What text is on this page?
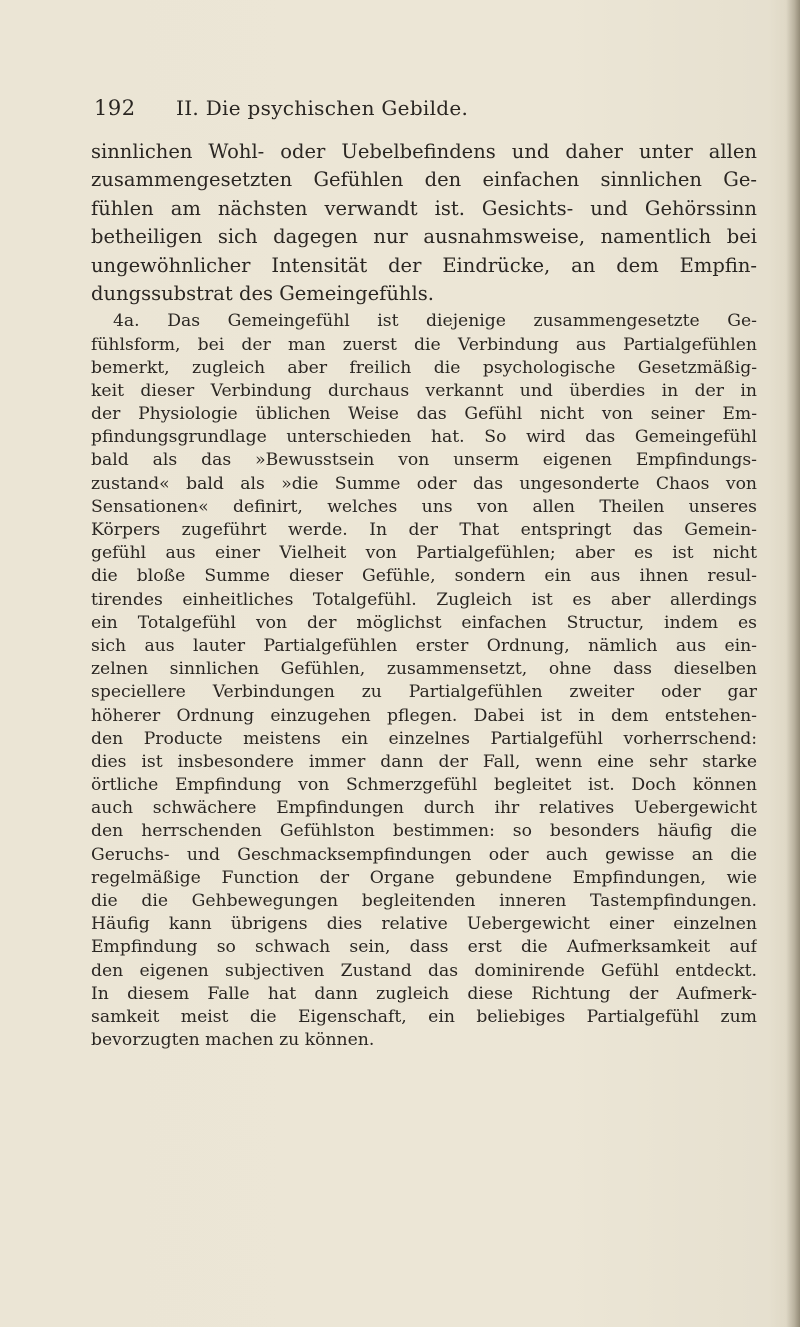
192 II. Die psychischen Gebilde.
sinnlichen Wohl- oder Uebelbefindens und daher unter allen
zusammengesetzten Gefühlen den einfachen sinnlichen Ge-
fühlen am nächsten verwandt ist. Gesichts- und Gehörssinn
betheiligen sich dagegen nur ausnahmsweise, namentlich bei
ungewöhnlicher Intensität der Eindrücke, an dem Empfin-
dungssubstrat des Gemeingefühls.
4a. Das Gemeingefühl ist diejenige zusammengesetzte Ge-
fühlsform, bei der man zuerst die Verbindung aus Partialgefühlen
bemerkt, zugleich aber freilich die psychologische Gesetzmäßig-
keit dieser Verbindung durchaus verkannt und überdies in der in
der Physiologie üblichen Weise das Gefühl nicht von seiner Em-
pfindungsgrundlage unterschieden hat. So wird das Gemeingefühl
bald als das »Bewusstsein von unserm eigenen Empfindungs-
zustand« bald als »die Summe oder das ungesonderte Chaos von
Sensationen« definirt, welches uns von allen Theilen unseres
Körpers zugeführt werde. In der That entspringt das Gemein-
gefühl aus einer Vielheit von Partialgefühlen; aber es ist nicht
die bloße Summe dieser Gefühle, sondern ein aus ihnen resul-
tirendes einheitliches Totalgefühl. Zugleich ist es aber allerdings
ein Totalgefühl von der möglichst einfachen Structur, indem es
sich aus lauter Partialgefühlen erster Ordnung, nämlich aus ein-
zelnen sinnlichen Gefühlen, zusammensetzt, ohne dass dieselben
speciellere Verbindungen zu Partialgefühlen zweiter oder gar
höherer Ordnung einzugehen pflegen. Dabei ist in dem entstehen-
den Producte meistens ein einzelnes Partialgefühl vorherrschend:
dies ist insbesondere immer dann der Fall, wenn eine sehr starke
örtliche Empfindung von Schmerzgefühl begleitet ist. Doch können
auch schwächere Empfindungen durch ihr relatives Uebergewicht
den herrschenden Gefühlston bestimmen: so besonders häufig die
Geruchs- und Geschmacksempfindungen oder auch gewisse an die
regelmäßige Function der Organe gebundene Empfindungen, wie
die die Gehbewegungen begleitenden inneren Tastempfindungen.
Häufig kann übrigens dies relative Uebergewicht einer einzelnen
Empfindung so schwach sein, dass erst die Aufmerksamkeit auf
den eigenen subjectiven Zustand das dominirende Gefühl entdeckt.
In diesem Falle hat dann zugleich diese Richtung der Aufmerk-
samkeit meist die Eigenschaft, ein beliebiges Partialgefühl zum
bevorzugten machen zu können.
